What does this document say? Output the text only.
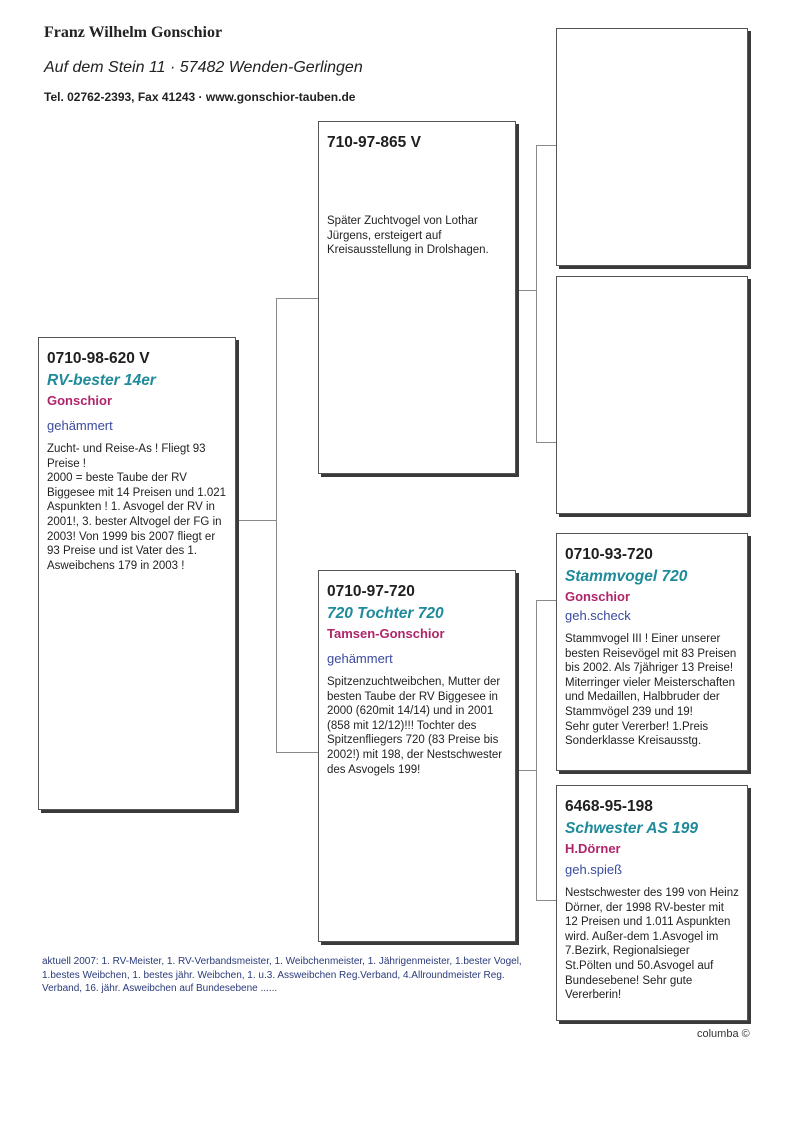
Franz Wilhelm Gonschior
Auf dem Stein 11 · 57482 Wenden-Gerlingen
Tel. 02762-2393, Fax 41243 · www.gonschior-tauben.de
0710-98-620 V
RV-bester 14er
Gonschior
gehämmert
Zucht- und Reise-As ! Fliegt 93 Preise !
2000 = beste Taube der RV Biggesee mit 14 Preisen und 1.021 Aspunkten ! 1. Asvogel der RV in 2001!, 3. bester Altvogel der FG in 2003! Von 1999 bis 2007 fliegt er 93 Preise und ist Vater des 1. Asweibchens 179 in 2003 !
710-97-865 V
Später Zuchtvogel von Lothar Jürgens, ersteigert auf Kreisausstellung in Drolshagen.
0710-97-720
720 Tochter 720
Tamsen-Gonschior
gehämmert
Spitzenzuchtweibchen, Mutter der besten Taube der RV Biggesee in 2000 (620mit 14/14) und in 2001 (858 mit 12/12)!!! Tochter des Spitzenfliegers 720 (83 Preise bis 2002!) mit 198, der Nestschwester des Asvogels 199!
0710-93-720
Stammvogel 720
Gonschior
geh.scheck
Stammvogel III ! Einer unserer besten Reisevögel mit 83 Preisen bis 2002. Als 7jähriger 13 Preise! Miterringer vieler Meisterschaften und Medaillen, Halbbruder der Stammvögel 239 und 19!
Sehr guter Vererber! 1.Preis Sonderklasse Kreisausstg.
6468-95-198
Schwester AS 199
H.Dörner
geh.spieß
Nestschwester des 199 von Heinz Dörner, der 1998 RV-bester mit 12 Preisen und 1.011 Aspunkten wird. Außer-dem 1.Asvogel im 7.Bezirk, Regionalsieger St.Pölten und 50.Asvogel auf Bundesebene! Sehr gute Vererberin!
aktuell 2007: 1. RV-Meister, 1. RV-Verbandsmeister, 1. Weibchenmeister, 1. Jährigenmeister, 1.bester Vogel, 1.bestes Weibchen, 1. bestes jähr. Weibchen, 1. u.3. Assweibchen Reg.Verband, 4.Allroundmeister Reg. Verband, 16. jähr. Asweibchen auf Bundesebene ......
columba ©
